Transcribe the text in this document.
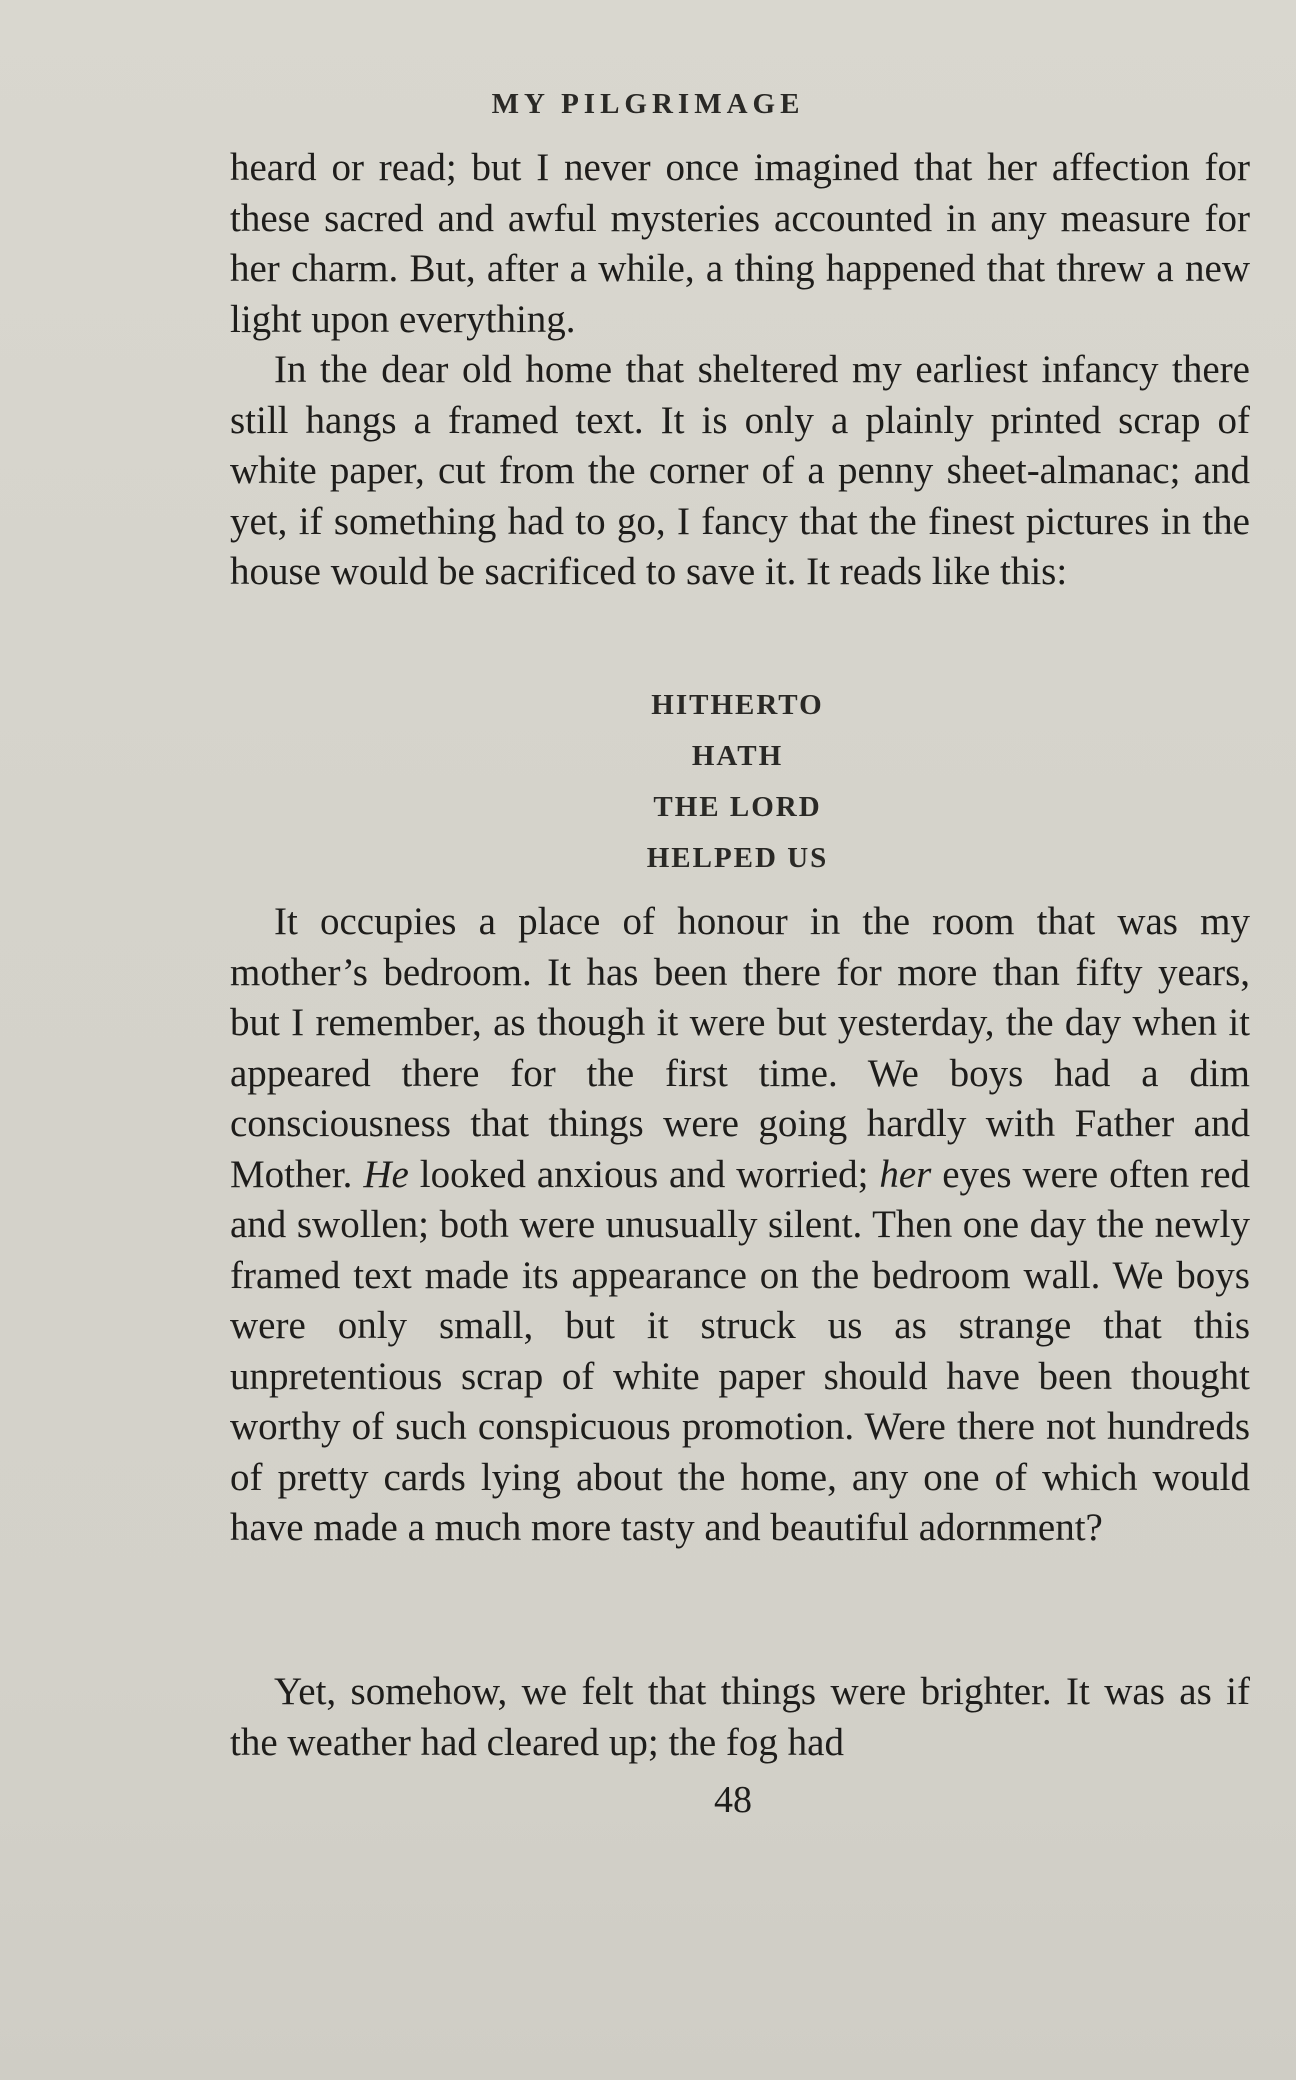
MY PILGRIMAGE

heard or read; but I never once imagined that her affection for these sacred and awful mysteries accounted in any measure for her charm. But, after a while, a thing happened that threw a new light upon everything.

In the dear old home that sheltered my earliest infancy there still hangs a framed text. It is only a plainly printed scrap of white paper, cut from the corner of a penny sheet-almanac; and yet, if something had to go, I fancy that the finest pictures in the house would be sacrificed to save it. It reads like this:

HITHERTO
HATH
THE LORD
HELPED US

It occupies a place of honour in the room that was my mother’s bedroom. It has been there for more than fifty years, but I remember, as though it were but yesterday, the day when it appeared there for the first time. We boys had a dim consciousness that things were going hardly with Father and Mother. He looked anxious and worried; her eyes were often red and swollen; both were unusually silent. Then one day the newly framed text made its appearance on the bedroom wall. We boys were only small, but it struck us as strange that this unpretentious scrap of white paper should have been thought worthy of such conspicuous promotion. Were there not hundreds of pretty cards lying about the home, any one of which would have made a much more tasty and beautiful adornment?

Yet, somehow, we felt that things were brighter. It was as if the weather had cleared up; the fog had

48
